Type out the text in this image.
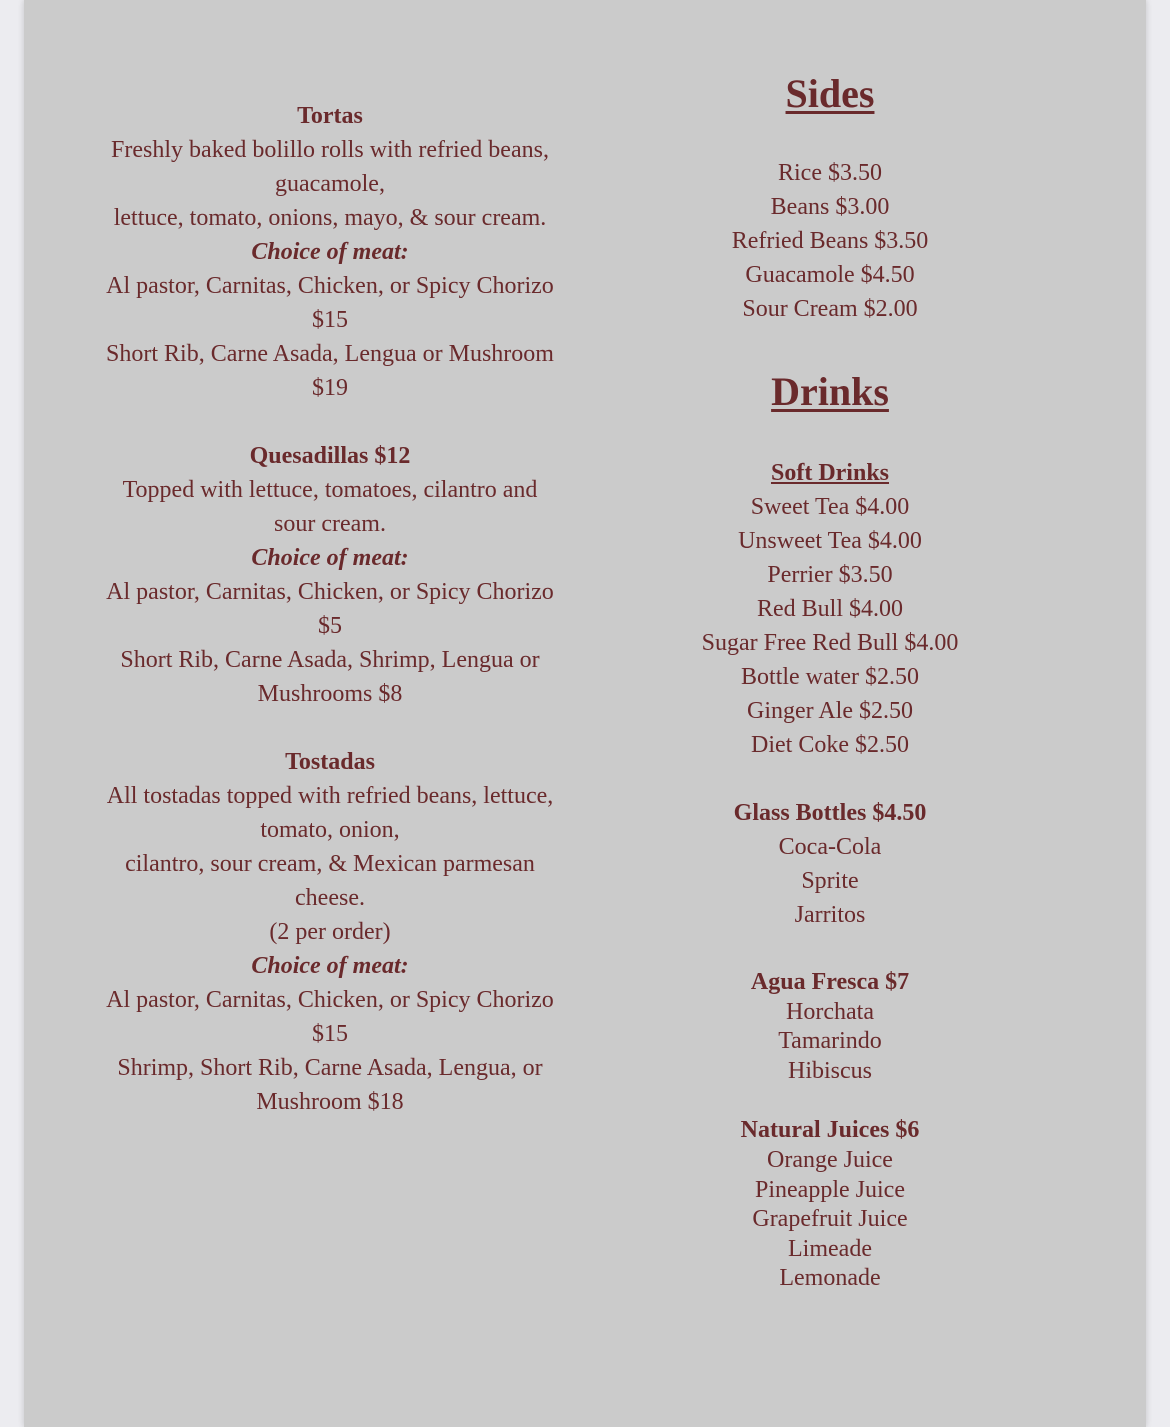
Tortas
Freshly baked bolillo rolls with refried beans,
guacamole,
lettuce, tomato, onions, mayo, & sour cream.
Choice of meat:
Al pastor, Carnitas, Chicken, or Spicy Chorizo
$15
Short Rib, Carne Asada, Lengua or Mushroom
$19
Quesadillas $12
Topped with lettuce, tomatoes, cilantro and
sour cream.
Choice of meat:
Al pastor, Carnitas, Chicken, or Spicy Chorizo
$5
Short Rib, Carne Asada, Shrimp, Lengua or
Mushrooms $8
Tostadas
All tostadas topped with refried beans, lettuce,
tomato, onion,
cilantro, sour cream, & Mexican parmesan
cheese.
(2 per order)
Choice of meat:
Al pastor, Carnitas, Chicken, or Spicy Chorizo
$15
Shrimp, Short Rib, Carne Asada, Lengua, or
Mushroom $18
Sides
Rice $3.50
Beans $3.00
Refried Beans $3.50
Guacamole $4.50
Sour Cream $2.00
Drinks
Soft Drinks
Sweet Tea $4.00
Unsweet Tea $4.00
Perrier $3.50
Red Bull $4.00
Sugar Free Red Bull $4.00
Bottle water $2.50
Ginger Ale $2.50
Diet Coke $2.50
Glass Bottles $4.50
Coca-Cola
Sprite
Jarritos
Agua Fresca $7
Horchata
Tamarindo
Hibiscus
Natural Juices $6
Orange Juice
Pineapple Juice
Grapefruit Juice
Limeade
Lemonade
